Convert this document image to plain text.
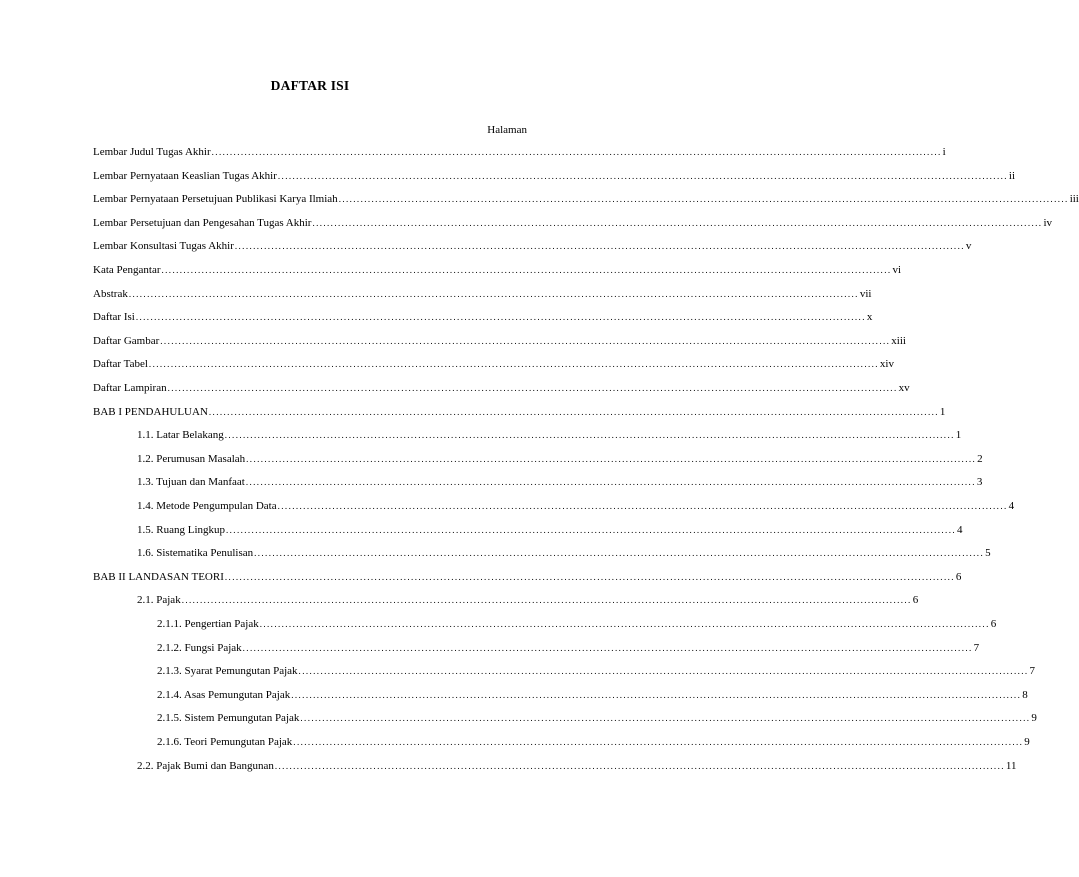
DAFTAR ISI
Halaman
Lembar Judul Tugas Akhir ........................................................................................................................................................................................................ i
Lembar Pernyataan Keaslian Tugas Akhir ........................................................................................................................................................................................................ ii
Lembar Pernyataan Persetujuan Publikasi Karya Ilmiah ........................................................................................................................................................................................................ iii
Lembar Persetujuan dan Pengesahan Tugas Akhir ........................................................................................................................................................................................................ iv
Lembar Konsultasi Tugas Akhir ........................................................................................................................................................................................................ v
Kata Pengantar ........................................................................................................................................................................................................ vi
Abstrak ........................................................................................................................................................................................................ vii
Daftar Isi ........................................................................................................................................................................................................ x
Daftar Gambar ........................................................................................................................................................................................................ xiii
Daftar Tabel ........................................................................................................................................................................................................ xiv
Daftar Lampiran ........................................................................................................................................................................................................ xv
BAB I PENDAHULUAN ........................................................................................................................................................................................................ 1
1.1. Latar Belakang ........................................................................................................................................................................................................ 1
1.2. Perumusan Masalah ........................................................................................................................................................................................................ 2
1.3. Tujuan dan Manfaat ........................................................................................................................................................................................................ 3
1.4. Metode Pengumpulan Data ........................................................................................................................................................................................................ 4
1.5. Ruang Lingkup ........................................................................................................................................................................................................ 4
1.6. Sistematika Penulisan ........................................................................................................................................................................................................ 5
BAB II LANDASAN TEORI ........................................................................................................................................................................................................ 6
2.1. Pajak ........................................................................................................................................................................................................ 6
2.1.1. Pengertian Pajak ........................................................................................................................................................................................................ 6
2.1.2. Fungsi Pajak ........................................................................................................................................................................................................ 7
2.1.3. Syarat Pemungutan Pajak ........................................................................................................................................................................................................ 7
2.1.4. Asas Pemungutan Pajak ........................................................................................................................................................................................................ 8
2.1.5. Sistem Pemungutan Pajak ........................................................................................................................................................................................................ 9
2.1.6. Teori Pemungutan Pajak ........................................................................................................................................................................................................ 9
2.2. Pajak Bumi dan Bangunan ........................................................................................................................................................................................................ 11
